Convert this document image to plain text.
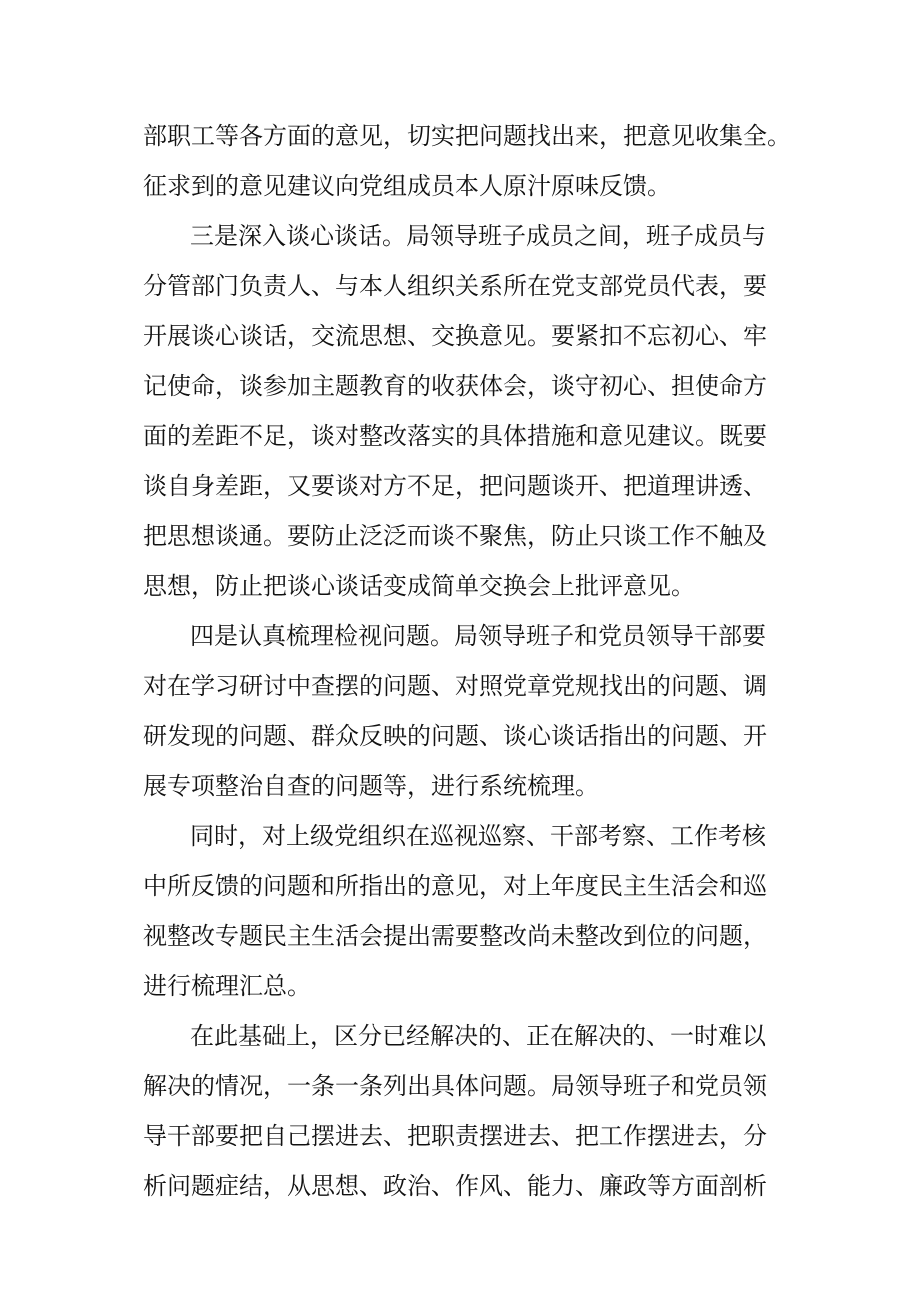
部职工等各方面的意见，切实把问题找出来，把意见收集全。
征求到的意见建议向党组成员本人原汁原味反馈。
三是深入谈心谈话。局领导班子成员之间，班子成员与
分管部门负责人、与本人组织关系所在党支部党员代表，要
开展谈心谈话，交流思想、交换意见。要紧扣不忘初心、牢
记使命，谈参加主题教育的收获体会，谈守初心、担使命方
面的差距不足，谈对整改落实的具体措施和意见建议。既要
谈自身差距，又要谈对方不足，把问题谈开、把道理讲透、
把思想谈通。要防止泛泛而谈不聚焦，防止只谈工作不触及
思想，防止把谈心谈话变成简单交换会上批评意见。
四是认真梳理检视问题。局领导班子和党员领导干部要
对在学习研讨中查摆的问题、对照党章党规找出的问题、调
研发现的问题、群众反映的问题、谈心谈话指出的问题、开
展专项整治自查的问题等，进行系统梳理。
同时，对上级党组织在巡视巡察、干部考察、工作考核
中所反馈的问题和所指出的意见，对上年度民主生活会和巡
视整改专题民主生活会提出需要整改尚未整改到位的问题，
进行梳理汇总。
在此基础上，区分已经解决的、正在解决的、一时难以
解决的情况，一条一条列出具体问题。局领导班子和党员领
导干部要把自己摆进去、把职责摆进去、把工作摆进去，分
析问题症结，从思想、政治、作风、能力、廉政等方面剖析
